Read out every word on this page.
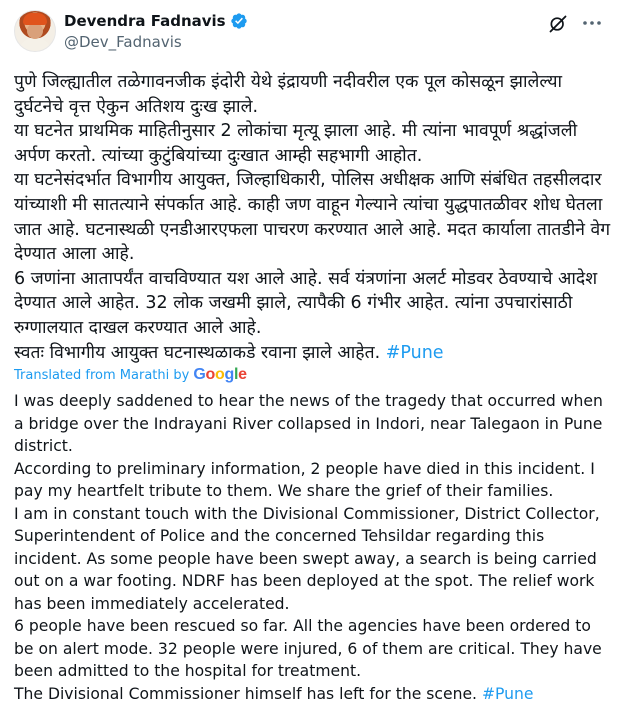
Devendra Fadnavis
@Dev_Fadnavis
पुणे जिल्ह्यातील तळेगावनजीक इंदोरी येथे इंद्रायणी नदीवरील एक पूल कोसळून झालेल्या दुर्घटनेचे वृत्त ऐकुन अतिशय दुःख झाले.
या घटनेत प्राथमिक माहितीनुसार 2 लोकांचा मृत्यू झाला आहे. मी त्यांना भावपूर्ण श्रद्धांजली अर्पण करतो. त्यांच्या कुटुंबियांच्या दुःखात आम्ही सहभागी आहोत.
या घटनेसंदर्भात विभागीय आयुक्त, जिल्हाधिकारी, पोलिस अधीक्षक आणि संबंधित तहसीलदार यांच्याशी मी सातत्याने संपर्कात आहे. काही जण वाहून गेल्याने त्यांचा युद्धपातळीवर शोध घेतला जात आहे. घटनास्थळी एनडीआरएफला पाचरण करण्यात आले आहे. मदत कार्याला तातडीने वेग देण्यात आला आहे.
6 जणांना आतापर्यंत वाचविण्यात यश आले आहे. सर्व यंत्रणांना अलर्ट मोडवर ठेवण्याचे आदेश देण्यात आले आहेत. 32 लोक जखमी झाले, त्यापैकी 6 गंभीर आहेत. त्यांना उपचारांसाठी रुग्णालयात दाखल करण्यात आले आहे.
स्वतः विभागीय आयुक्त घटनास्थळाकडे रवाना झाले आहेत. #Pune
Translated from Marathi by Google
I was deeply saddened to hear the news of the tragedy that occurred when a bridge over the Indrayani River collapsed in Indori, near Talegaon in Pune district.
According to preliminary information, 2 people have died in this incident. I pay my heartfelt tribute to them. We share the grief of their families.
I am in constant touch with the Divisional Commissioner, District Collector, Superintendent of Police and the concerned Tehsildar regarding this incident. As some people have been swept away, a search is being carried out on a war footing. NDRF has been deployed at the spot. The relief work has been immediately accelerated.
6 people have been rescued so far. All the agencies have been ordered to be on alert mode. 32 people were injured, 6 of them are critical. They have been admitted to the hospital for treatment.
The Divisional Commissioner himself has left for the scene. #Pune
